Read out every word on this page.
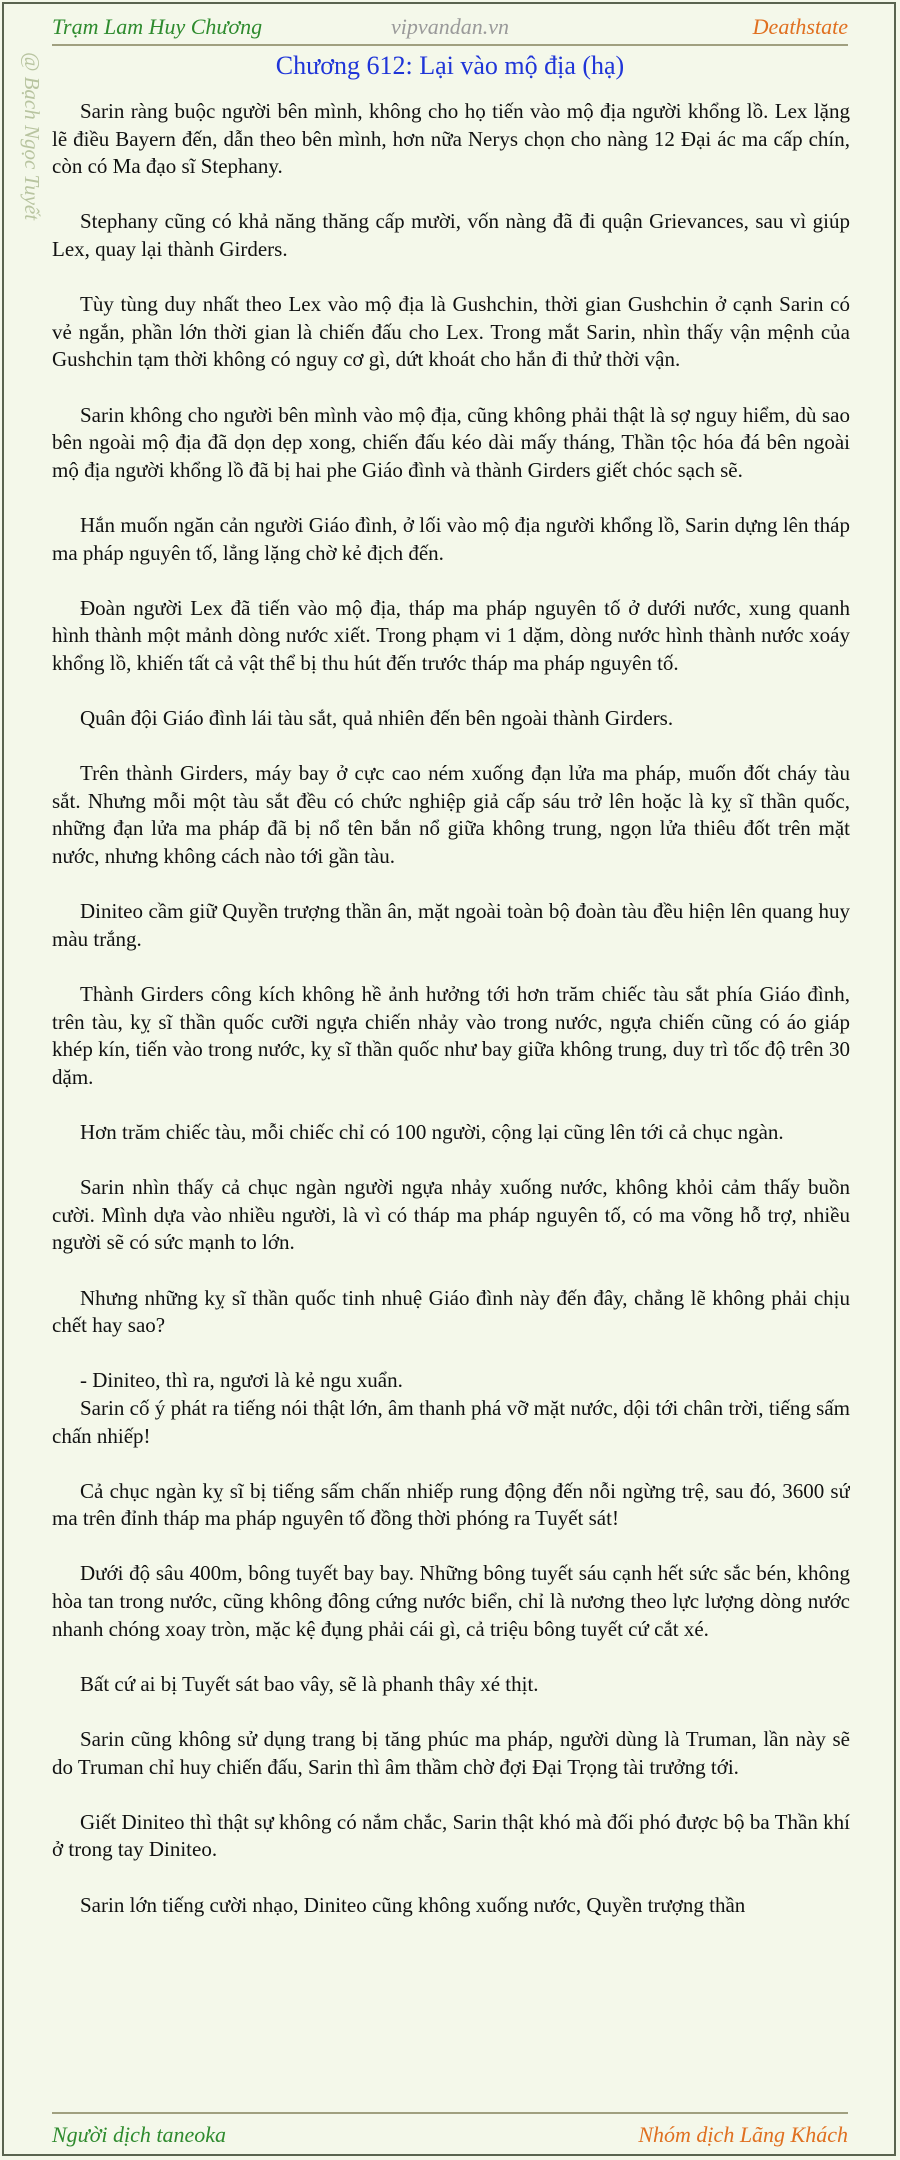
Trạm Lam Huy Chương	vipvandan.vn	Deathstate
@ Bạch Ngọc Tuyết	Chương 612: Lại vào mộ địa (hạ)

Sarin ràng buộc người bên mình, không cho họ tiến vào mộ địa người khổng lồ. Lex lặng lẽ điều Bayern đến, dẫn theo bên mình, hơn nữa Nerys chọn cho nàng 12 Đại ác ma cấp chín, còn có Ma đạo sĩ Stephany.

Stephany cũng có khả năng thăng cấp mười, vốn nàng đã đi quận Grievances, sau vì giúp Lex, quay lại thành Girders.

Tùy tùng duy nhất theo Lex vào mộ địa là Gushchin, thời gian Gushchin ở cạnh Sarin có vẻ ngắn, phần lớn thời gian là chiến đấu cho Lex. Trong mắt Sarin, nhìn thấy vận mệnh của Gushchin tạm thời không có nguy cơ gì, dứt khoát cho hắn đi thử thời vận.

Sarin không cho người bên mình vào mộ địa, cũng không phải thật là sợ nguy hiểm, dù sao bên ngoài mộ địa đã dọn dẹp xong, chiến đấu kéo dài mấy tháng, Thần tộc hóa đá bên ngoài mộ địa người khổng lồ đã bị hai phe Giáo đình và thành Girders giết chóc sạch sẽ.

Hắn muốn ngăn cản người Giáo đình, ở lối vào mộ địa người khổng lồ, Sarin dựng lên tháp ma pháp nguyên tố, lẳng lặng chờ kẻ địch đến.

Đoàn người Lex đã tiến vào mộ địa, tháp ma pháp nguyên tố ở dưới nước, xung quanh hình thành một mảnh dòng nước xiết. Trong phạm vi 1 dặm, dòng nước hình thành nước xoáy khổng lồ, khiến tất cả vật thể bị thu hút đến trước tháp ma pháp nguyên tố.

Quân đội Giáo đình lái tàu sắt, quả nhiên đến bên ngoài thành Girders.

Trên thành Girders, máy bay ở cực cao ném xuống đạn lửa ma pháp, muốn đốt cháy tàu sắt. Nhưng mỗi một tàu sắt đều có chức nghiệp giả cấp sáu trở lên hoặc là kỵ sĩ thần quốc, những đạn lửa ma pháp đã bị nổ tên bắn nổ giữa không trung, ngọn lửa thiêu đốt trên mặt nước, nhưng không cách nào tới gần tàu.

Diniteo cầm giữ Quyền trượng thần ân, mặt ngoài toàn bộ đoàn tàu đều hiện lên quang huy màu trắng.

Thành Girders công kích không hề ảnh hưởng tới hơn trăm chiếc tàu sắt phía Giáo đình, trên tàu, kỵ sĩ thần quốc cưỡi ngựa chiến nhảy vào trong nước, ngựa chiến cũng có áo giáp khép kín, tiến vào trong nước, kỵ sĩ thần quốc như bay giữa không trung, duy trì tốc độ trên 30 dặm.

Hơn trăm chiếc tàu, mỗi chiếc chỉ có 100 người, cộng lại cũng lên tới cả chục ngàn.

Sarin nhìn thấy cả chục ngàn người ngựa nhảy xuống nước, không khỏi cảm thấy buồn cười. Mình dựa vào nhiều người, là vì có tháp ma pháp nguyên tố, có ma võng hỗ trợ, nhiều người sẽ có sức mạnh to lớn.

Nhưng những kỵ sĩ thần quốc tinh nhuệ Giáo đình này đến đây, chẳng lẽ không phải chịu chết hay sao?

- Diniteo, thì ra, ngươi là kẻ ngu xuẩn.

Sarin cố ý phát ra tiếng nói thật lớn, âm thanh phá vỡ mặt nước, dội tới chân trời, tiếng sấm chấn nhiếp!

Cả chục ngàn kỵ sĩ bị tiếng sấm chấn nhiếp rung động đến nỗi ngừng trệ, sau đó, 3600 sứ ma trên đỉnh tháp ma pháp nguyên tố đồng thời phóng ra Tuyết sát!

Dưới độ sâu 400m, bông tuyết bay bay. Những bông tuyết sáu cạnh hết sức sắc bén, không hòa tan trong nước, cũng không đông cứng nước biển, chỉ là nương theo lực lượng dòng nước nhanh chóng xoay tròn, mặc kệ đụng phải cái gì, cả triệu bông tuyết cứ cắt xé.

Bất cứ ai bị Tuyết sát bao vây, sẽ là phanh thây xé thịt.

Sarin cũng không sử dụng trang bị tăng phúc ma pháp, người dùng là Truman, lần này sẽ do Truman chỉ huy chiến đấu, Sarin thì âm thầm chờ đợi Đại Trọng tài trưởng tới.

Giết Diniteo thì thật sự không có nắm chắc, Sarin thật khó mà đối phó được bộ ba Thần khí ở trong tay Diniteo.

Sarin lớn tiếng cười nhạo, Diniteo cũng không xuống nước, Quyền trượng thần

Người dịch taneoka	Nhóm dịch Lãng Khách
